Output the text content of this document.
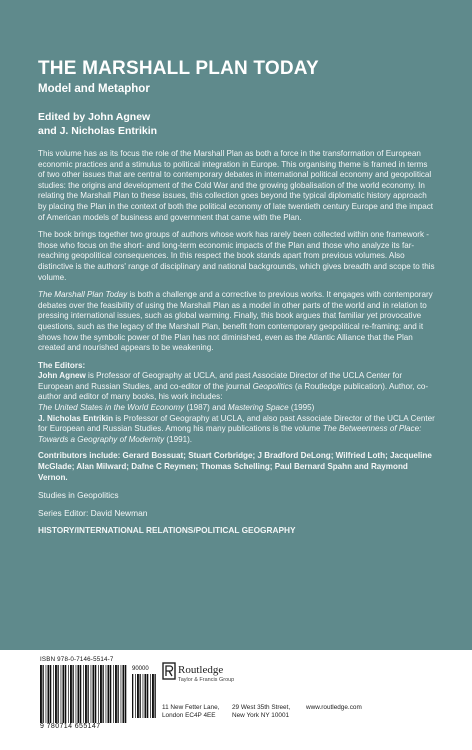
THE MARSHALL PLAN TODAY
Model and Metaphor
Edited by John Agnew
and J. Nicholas Entrikin

This volume has as its focus the role of the Marshall Plan as both a force in the transformation of European economic practices and a stimulus to political integration in Europe. This organising theme is framed in terms of two other issues that are central to contemporary debates in international political economy and geopolitical studies: the origins and development of the Cold War and the growing globalisation of the world economy. In relating the Marshall Plan to these issues, this collection goes beyond the typical diplomatic history approach by placing the Plan in the context of both the political economy of late twentieth century Europe and the impact of American models of business and government that came with the Plan.

The book brings together two groups of authors whose work has rarely been collected within one framework - those who focus on the short- and long-term economic impacts of the Plan and those who analyze its far-reaching geopolitical consequences. In this respect the book stands apart from previous volumes. Also distinctive is the authors' range of disciplinary and national backgrounds, which gives breadth and scope to this volume.

The Marshall Plan Today is both a challenge and a corrective to previous works. It engages with contemporary debates over the feasibility of using the Marshall Plan as a model in other parts of the world and in relation to pressing international issues, such as global warming. Finally, this book argues that familiar yet provocative questions, such as the legacy of the Marshall Plan, benefit from contemporary geopolitical re-framing; and it shows how the symbolic power of the Plan has not diminished, even as the Atlantic Alliance that the Plan created and nourished appears to be weakening.

The Editors:
John Agnew is Professor of Geography at UCLA, and past Associate Director of the UCLA Center for European and Russian Studies, and co-editor of the journal Geopolitics (a Routledge publication). Author, co-author and editor of many books, his work includes:
The United States in the World Economy (1987) and Mastering Space (1995)
J. Nicholas Entrikin is Professor of Geography at UCLA, and also past Associate Director of the UCLA Center for European and Russian Studies. Among his many publications is the volume The Betweenness of Place: Towards a Geography of Modernity (1991).

Contributors include: Gerard Bossuat; Stuart Corbridge; J Bradford DeLong; Wilfried Loth; Jacqueline McGlade; Alan Milward; Dafne C Reymen; Thomas Schelling; Paul Bernard Spahn and Raymond Vernon.

Studies in Geopolitics

Series Editor: David Newman

HISTORY/INTERNATIONAL RELATIONS/POLITICAL GEOGRAPHY

ISBN 978-0-7146-5514-7
90000
9 780714 655147
Routledge
Taylor & Francis Group
11 New Fetter Lane,
London EC4P 4EE
29 West 35th Street,
New York NY 10001
www.routledge.com
